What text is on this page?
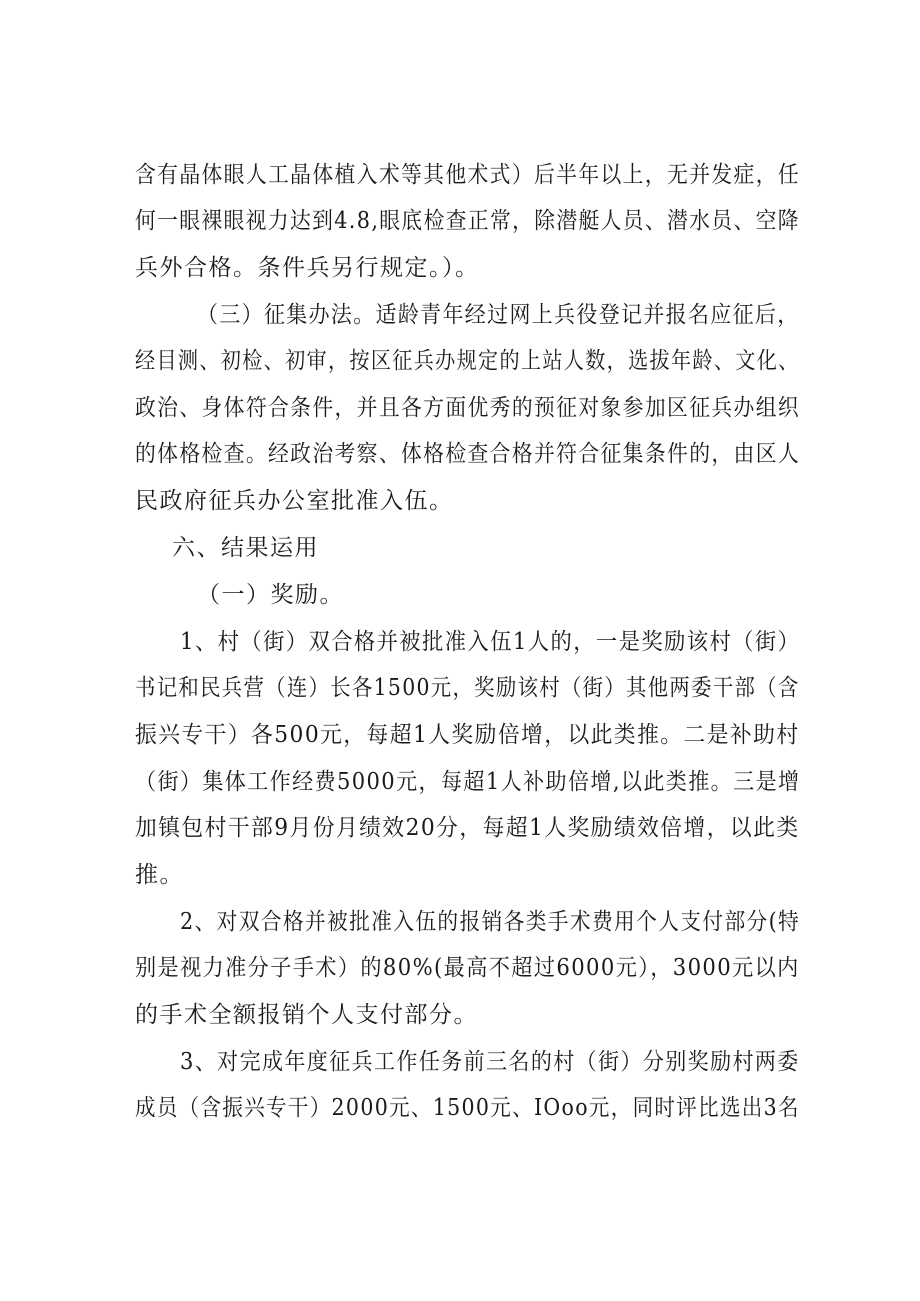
含有晶体眼人工晶体植入术等其他术式）后半年以上，无并发症，任
何一眼裸眼视力达到4.8,眼底检查正常，除潜艇人员、潜水员、空降
兵外合格。条件兵另行规定。）。
（三）征集办法。适龄青年经过网上兵役登记并报名应征后，
经目测、初检、初审，按区征兵办规定的上站人数，选拔年龄、文化、
政治、身体符合条件，并且各方面优秀的预征对象参加区征兵办组织
的体格检查。经政治考察、体格检查合格并符合征集条件的，由区人
民政府征兵办公室批准入伍。
六、结果运用
（一）奖励。
1、村（街）双合格并被批准入伍1人的，一是奖励该村（街）
书记和民兵营（连）长各1500元，奖励该村（街）其他两委干部（含
振兴专干）各500元，每超1人奖励倍增，以此类推。二是补助村
（街）集体工作经费5000元，每超1人补助倍增,以此类推。三是增
加镇包村干部9月份月绩效20分，每超1人奖励绩效倍增，以此类
推。
2、对双合格并被批准入伍的报销各类手术费用个人支付部分(特
别是视力准分子手术）的80%(最高不超过6000元），3000元以内
的手术全额报销个人支付部分。
3、对完成年度征兵工作任务前三名的村（街）分别奖励村两委
成员（含振兴专干）2000元、1500元、IOoo元，同时评比选出3名
